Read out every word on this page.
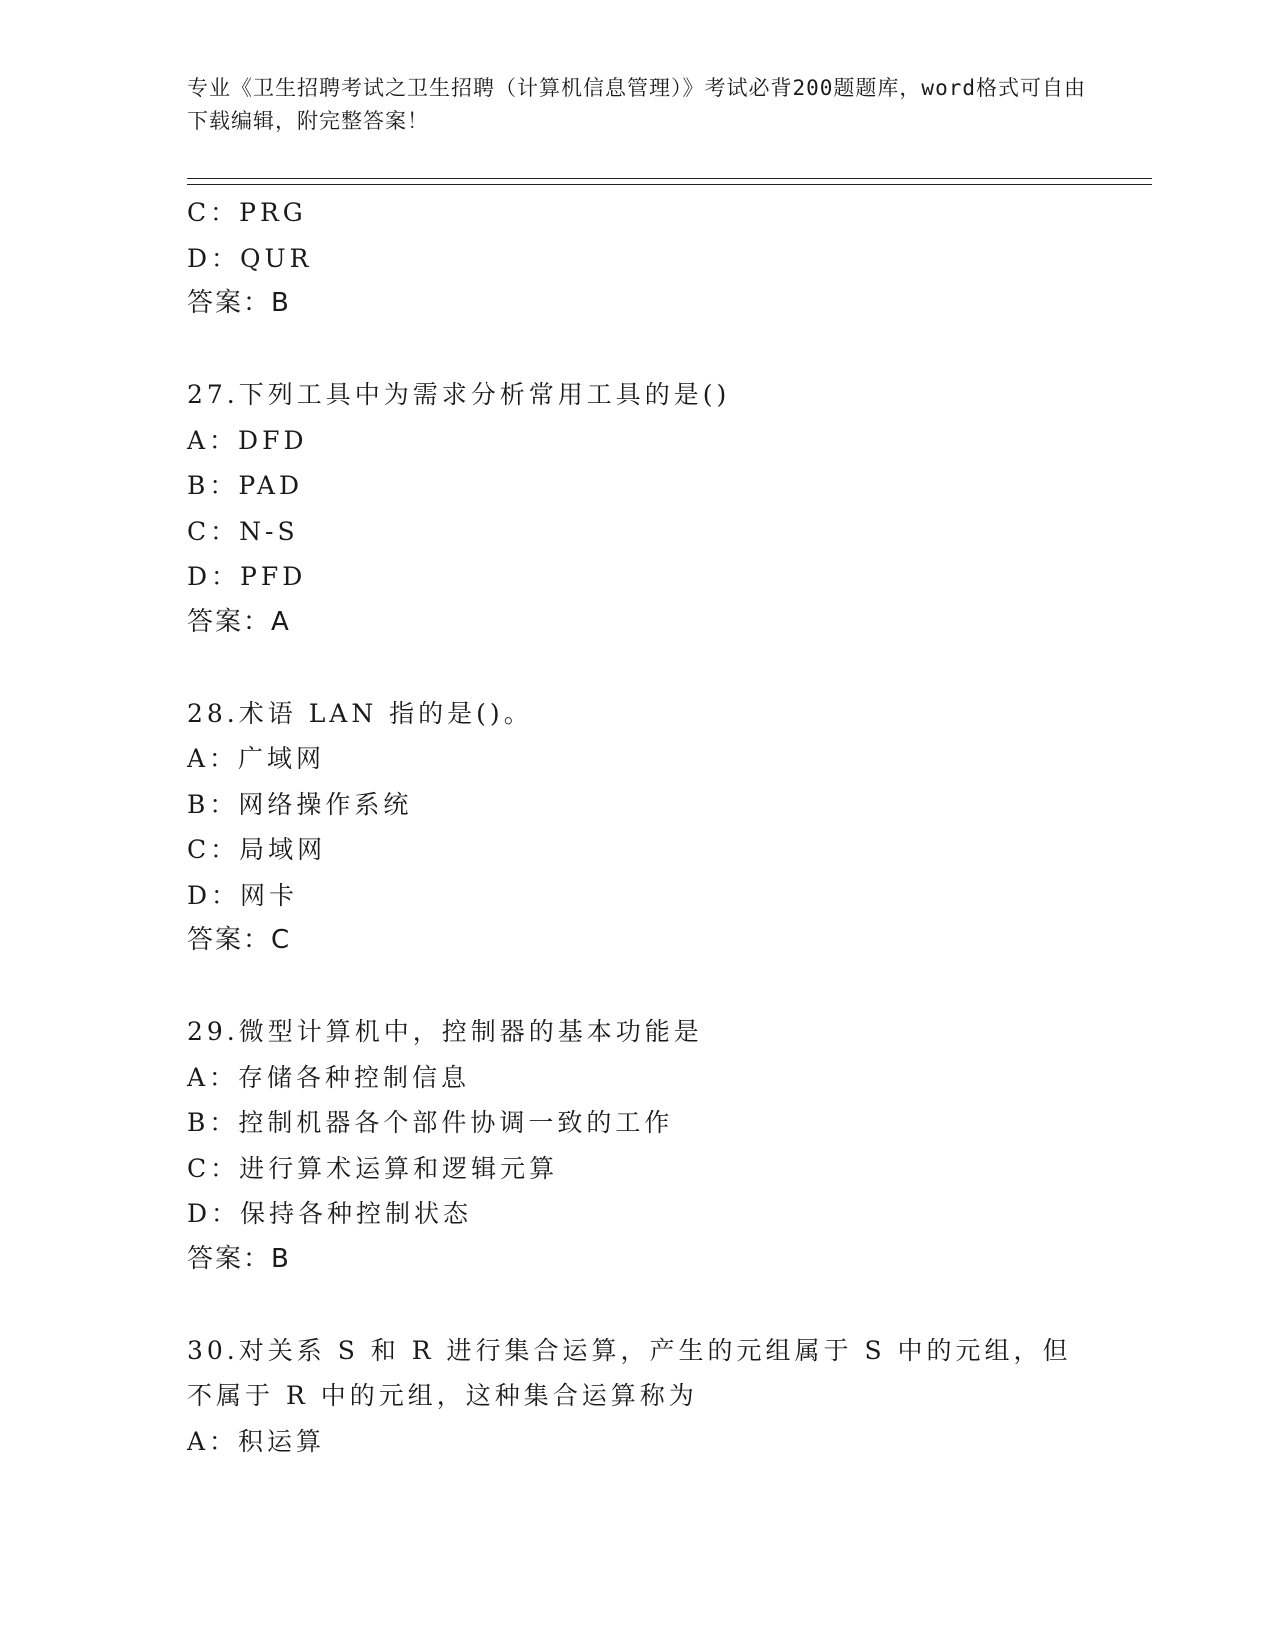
专业《卫生招聘考试之卫生招聘（计算机信息管理）》考试必背200题题库，word格式可自由下载编辑，附完整答案！
C：PRG
D：QUR
答案：B
27.下列工具中为需求分析常用工具的是()
A：DFD
B：PAD
C：N-S
D：PFD
答案：A
28.术语 LAN 指的是()。
A：广域网
B：网络操作系统
C：局域网
D：网卡
答案：C
29.微型计算机中，控制器的基本功能是
A：存储各种控制信息
B：控制机器各个部件协调一致的工作
C：进行算术运算和逻辑元算
D：保持各种控制状态
答案：B
30.对关系 S 和 R 进行集合运算，产生的元组属于 S 中的元组，但不属于 R 中的元组，这种集合运算称为
A：积运算
